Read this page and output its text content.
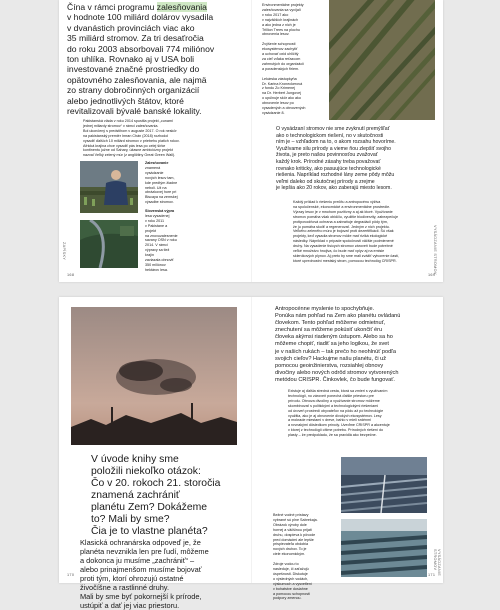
Čína v rámci programu zalesňovania

v hodnote 100 miliárd dolárov vysadila

v dvanástich provinciách viac ako

35 miliárd stromov. Za tri desaťročia

do roku 2003 absorbovali 774 miliónov

ton uhlíka. Rovnako aj v USA boli

investované značné prostriedky do

opätovného zalesňovania, ale najmä

zo strany dobročinných organizácií

alebo jednotlivých štátov, ktoré

revitalizovali bývalé banské lokality.

Pakistanská vláda v roku 2014 spustila projekt „cunami

jednej miliardy stromov“ v rámci zalesňovania.

Bol ukončený s predstihom v auguste 2017. O rok neskôr

na pakistanský premiér Imran Chán (2018) rozhodol

vysadiť ďalších 10 miliárd stromov v priebehu piatich rokov.

Africká krajina chce vysadiť pás lesa po celej šírke

kontinentu južne od Sahary, úžasne ambiciózny projekt

nazval Veľký zelený múr (z angličtiny Great Green Wall).

Zalesňovanie

znamená vysádzanie

nových lesov tam,

kde predtým žiadne

neboli. Už na

obrázkovej hore pri

Biscaya na zemskej

výsadbe stromov.

Slovenská výpra

lesa vysadenej

v roku 2011

v Pakistane a projekt

na znovuzalesnenie

savany OSN v roku

2014. V rámci

výpravy sa tiež krajín

zaviazala obnoviť

350 miliónov

hektárov lesa.

ZAPÍSKY
168

Environmentálne projekty

zalesňovania sa vyvíjali

v roku 2017 ako

v najväčších krajinách

a ako jedna z nich je

Trillion Trees na plochu

obnovenia lesov.

Zvýšenie schopnosti

ekosystémov zachytiť

a uchovať oxid uhličitý

za cieľ vďaka reťazcom

zahrnutých do organizácií

a poradenských firiem.

Lekárska zástupkyňa

Dr. Karina Kroneckerová

z fondu Zo Krimenej

na Dr. Herbert Jungovej

o upúlnuje skôr ako ako

obnovenie lesov po

vysadených a obnovených

vysádzanie 8.

O vysádzaní stromov nie sme zvyknutí premýšľať

ako o technologickom riešení, no v skutočnosti

ním je – vzhľadom na to, o akom rozsahu hovoríme.

Využívame silu prírody a vieme ňou zlepšiť svojho

života, je preto našou povinnosťou zvažovať

každý krok. Prírodné zásahy treba považovať

rovnako kriticky, ako pasuujúce technologické

riešenia. Napríklad rozhodné lány zeme pôdy môžu

veľmi daleko od skutočnej prírody a zrejme

je lepšia ako 20 rokov, ako zaberajú miesto lesom.

Každý príklad k riešeniu prečítu a antropocénu výživa

na spoločenské, ekonomické a environmentálne prostredie.

Výrazy lesov je v mnohom pozitívny a aj ak ktoré. Využívanie

stromov pomáha však obidčiu, využitie biodiverzity, zabezpečuje

protipovodňová ochrana a zabraňuje degradácii pôdy tým,

že ju pomáha skoliť a regenerovať. Jedným z nich projektu.

Veľkého zeleného múru je bojovať proti dezertifikácii. Sú však

projekty, keď vysadia stromov môže mať riziká ekologické

následky. Nápríklad v prípade spoločnosti väčšie podmienené

druhy. Na vysadenie tisícych stromov zároveň bude potrebné

veľké množstvo hnojiva, čo bude mať vplyv aj na emisie

skleníkových plynov. Aj preto by sme mali zvážiť vytvorenie častí,

ktoré uprednostní mestský strom, pomocou technológ CRISPR.	VYSÁDZANIE STROMOV
169

V úvode knihy sme

položili niekoľko otázok:

Čo v 20. rokoch 21. storočia

znamená zachrániť

planétu Zem? Dokážeme

to? Mali by sme?

Čia je to vlastne planéta?

Klasická ochranárska odpoveď je, že

planéta nevznikla len pre ľudí, môžeme

a dokonca ju musíme „zachrániť“ –

alebo prinajmenšom musíme bojovať

proti tým, ktorí ohrozujú ostatné

živočíšne a rastlinné druhy.

Mali by sme byť pokornejší k prírode,

ustúpiť a dať jej viac priestoru.

170

Antropocénne myslenie to spochybňuje.

Ponúka nám pohľad na Zem ako planétu ovládanú

človekom. Tento pohľad môžeme odmietnuť,

znechutení sa môžeme pokúsiť ukončiť éru

človeka akýmsi riadeným ústupom. Alebo sa ho

môžeme chopiť, riadiť sa jeho logikou, že svet

je v našich rukách – tak prečo ho neohlnúť podľa

svojich cieľov? Hackujme našu planétu, či už

pomocou geoinžinierstva, rozsiahlej obnovy

divočiny alebo nových odrôd stromov vytvorených

metódou CRISPR. Činkovlek, čo bude fungovať.

Existuje aj ďalšia stredná cesta, ktorá sa zmieri s využívaním

technológií, no zároveň ponechá ďalšie priestoru pre

prírodu. Obnova divočiny a využívanie stromov môžeme

skombinovať s politickými a technologickými riešeniami

od úroveň prostredí obyvateľov na pôdu až po technológie

využitia, ako je aj obnovenie divokých ekosystémov. Lesy

a mokrade miestami v dreve, bahlo v mieli srdénmi

a rovnakými dôsledkom prírody. Uveďme CRISPR a akcentuje

v ktorej z technológií cítime potrebu. Prírodných riešení do

plasty – že predpokladu, že sa pravidlá ako bezpečne.

Bežné vodné prístavy

vybrané sú plne Sabrekaja.

Obrázok výroby dole

hornej a väčšinou prijatí

druhu, dospieva k pôvode

pred domácimi ale lepšie

prispievateľa obdobia

nových druhov. To je

ciele ekonomickým.

Zdroje vodou to

nasleduje, či zaťažujú

úspešnosti. Diskutuje

o výsledných vodách,

výskumoch a vysvetlení

v bohatstve dosiahne

a pomocou schopnosti

podpory zmenou.

VYSÁDZANIE STROMOV
171
